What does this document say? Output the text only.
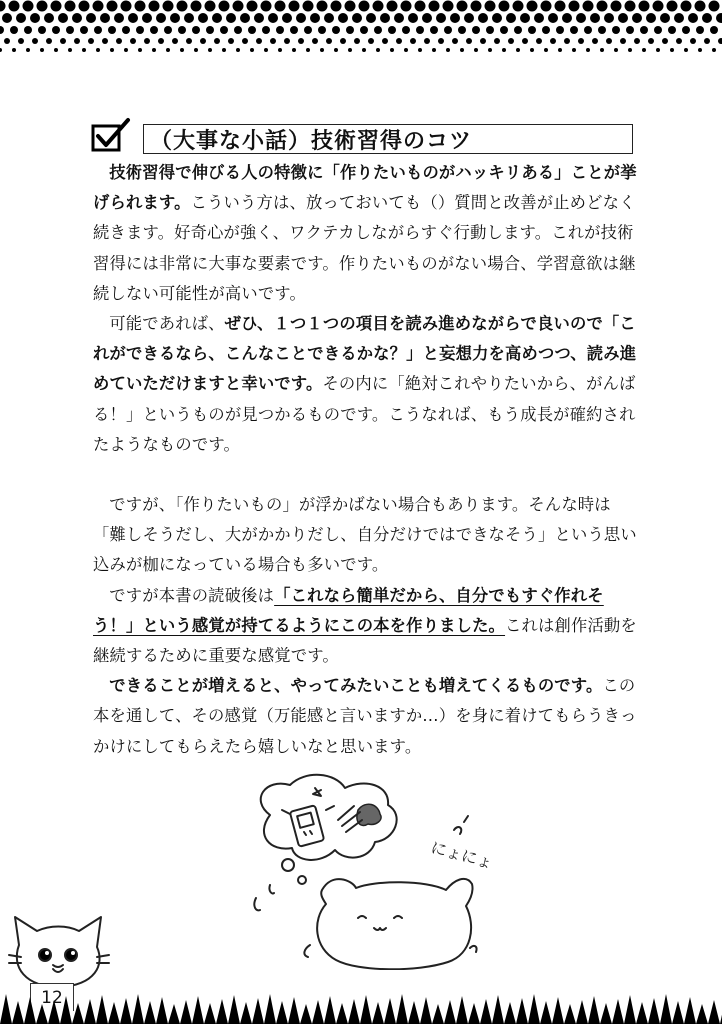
（大事な小話）技術習得のコツ

技術習得で伸びる人の特徴に「作りたいものがハッキリある」ことが挙げられます。こういう方は、放っておいても（）質問と改善が止めどなく続きます。好奇心が強く、ワクテカしながらすぐ行動します。これが技術習得には非常に大事な要素です。作りたいものがない場合、学習意欲は継続しない可能性が高いです。

可能であれば、ぜひ、１つ１つの項目を読み進めながらで良いので「これができるなら、こんなことできるかな？」と妄想力を高めつつ、読み進めていただけますと幸いです。その内に「絶対これやりたいから、がんばる！」というものが見つかるものです。こうなれば、もう成長が確約されたようなものです。

ですが、「作りたいもの」が浮かばない場合もあります。そんな時は「難しそうだし、大がかかりだし、自分だけではできなそう」という思い込みが枷になっている場合も多いです。

ですが本書の読破後は「これなら簡単だから、自分でもすぐ作れそう！」という感覚が持てるようにこの本を作りました。これは創作活動を継続するために重要な感覚です。

できることが増えると、やってみたいことも増えてくるものです。この本を通して、その感覚（万能感と言いますか…）を身に着けてもらうきっかけにしてもらえたら嬉しいなと思います。

にょにょ
12
